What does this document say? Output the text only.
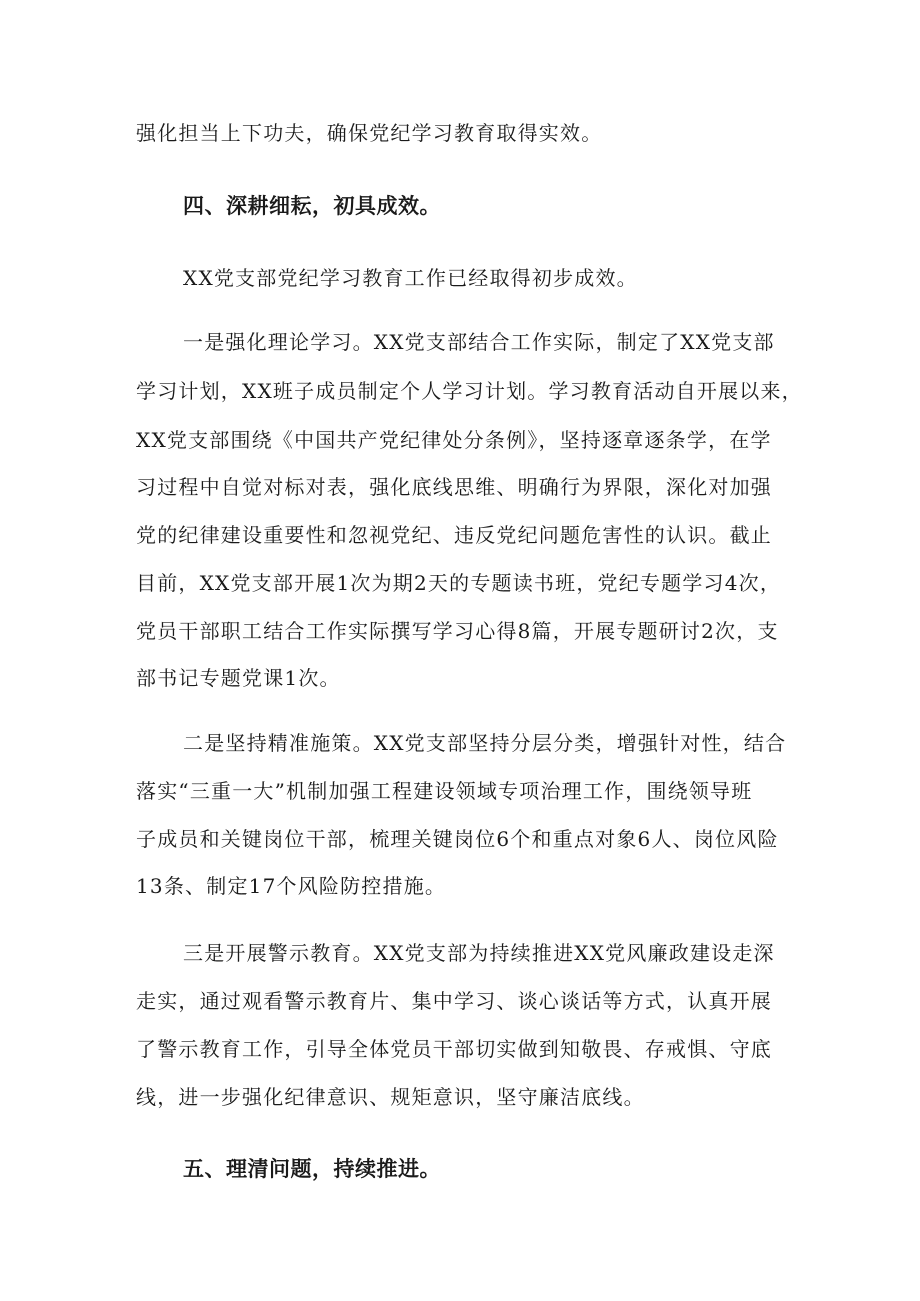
强化担当上下功夫，确保党纪学习教育取得实效。
四、深耕细耘，初具成效。
XX党支部党纪学习教育工作已经取得初步成效。
一是强化理论学习。XX党支部结合工作实际，制定了XX党支部
学习计划，XX班子成员制定个人学习计划。学习教育活动自开展以来，
XX党支部围绕《中国共产党纪律处分条例》，坚持逐章逐条学，在学
习过程中自觉对标对表，强化底线思维、明确行为界限，深化对加强
党的纪律建设重要性和忽视党纪、违反党纪问题危害性的认识。截止
目前，XX党支部开展1次为期2天的专题读书班，党纪专题学习4次，
党员干部职工结合工作实际撰写学习心得8篇，开展专题研讨2次，支
部书记专题党课1次。
二是坚持精准施策。XX党支部坚持分层分类，增强针对性，结合
落实“三重一大”机制加强工程建设领域专项治理工作，围绕领导班
子成员和关键岗位干部，梳理关键岗位6个和重点对象6人、岗位风险
13条、制定17个风险防控措施。
三是开展警示教育。XX党支部为持续推进XX党风廉政建设走深
走实，通过观看警示教育片、集中学习、谈心谈话等方式，认真开展
了警示教育工作，引导全体党员干部切实做到知敬畏、存戒惧、守底
线，进一步强化纪律意识、规矩意识，坚守廉洁底线。
五、理清问题，持续推进。
